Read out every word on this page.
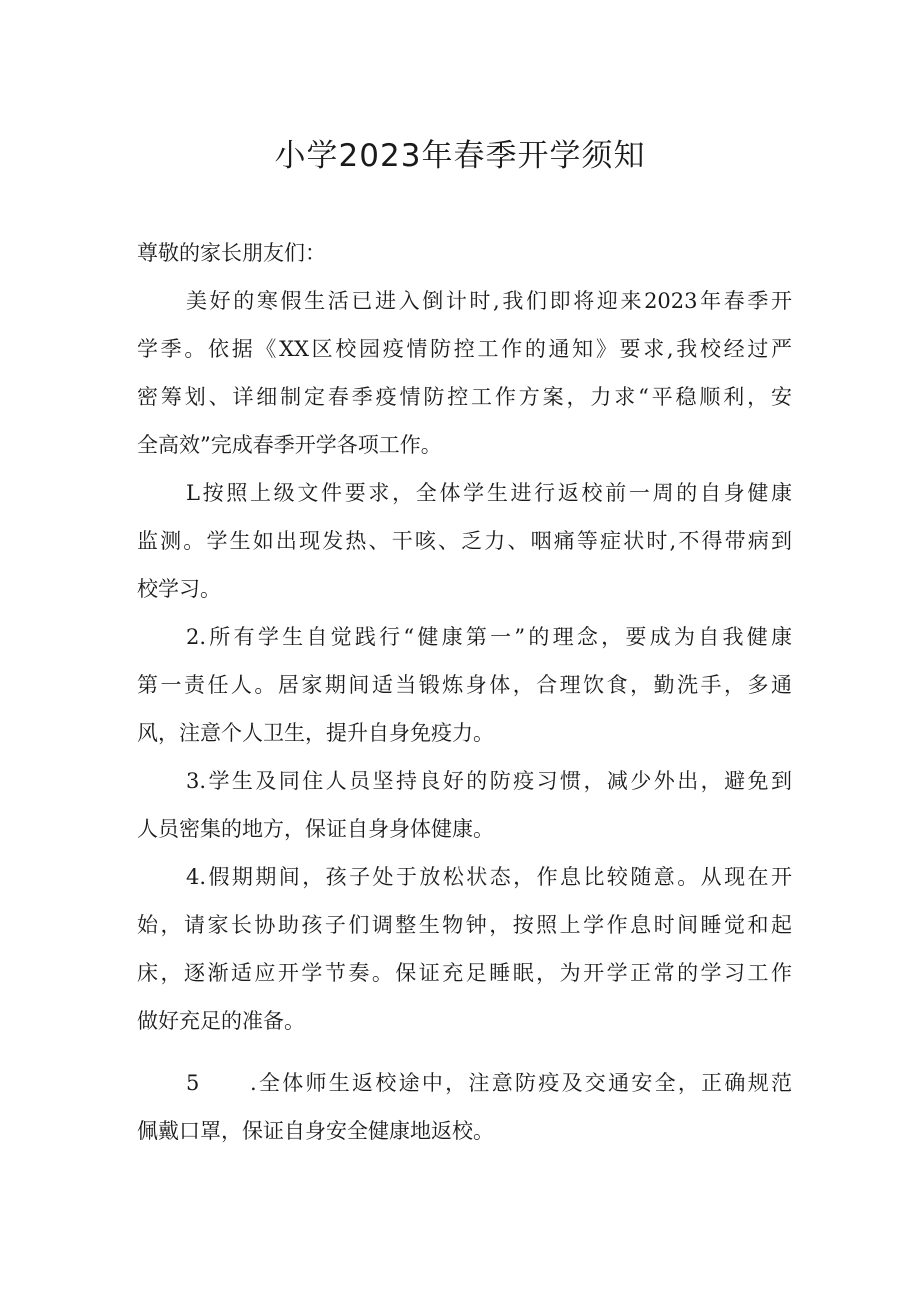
小学2023年春季开学须知
尊敬的家长朋友们：
美好的寒假生活已进入倒计时,我们即将迎来2023年春季开
学季。依据《XX区校园疫情防控工作的通知》要求,我校经过严
密筹划、详细制定春季疫情防控工作方案，力求“平稳顺利，安
全高效”完成春季开学各项工作。
L按照上级文件要求，全体学生进行返校前一周的自身健康
监测。学生如出现发热、干咳、乏力、咽痛等症状时,不得带病到
校学习。
2.所有学生自觉践行“健康第一”的理念，要成为自我健康
第一责任人。居家期间适当锻炼身体，合理饮食，勤洗手，多通
风，注意个人卫生，提升自身免疫力。
3.学生及同住人员坚持良好的防疫习惯，减少外出，避免到
人员密集的地方，保证自身身体健康。
4.假期期间，孩子处于放松状态，作息比较随意。从现在开
始，请家长协助孩子们调整生物钟，按照上学作息时间睡觉和起
床，逐渐适应开学节奏。保证充足睡眠，为开学正常的学习工作
做好充足的准备。
5 .全体师生返校途中，注意防疫及交通安全，正确规范
佩戴口罩，保证自身安全健康地返校。
